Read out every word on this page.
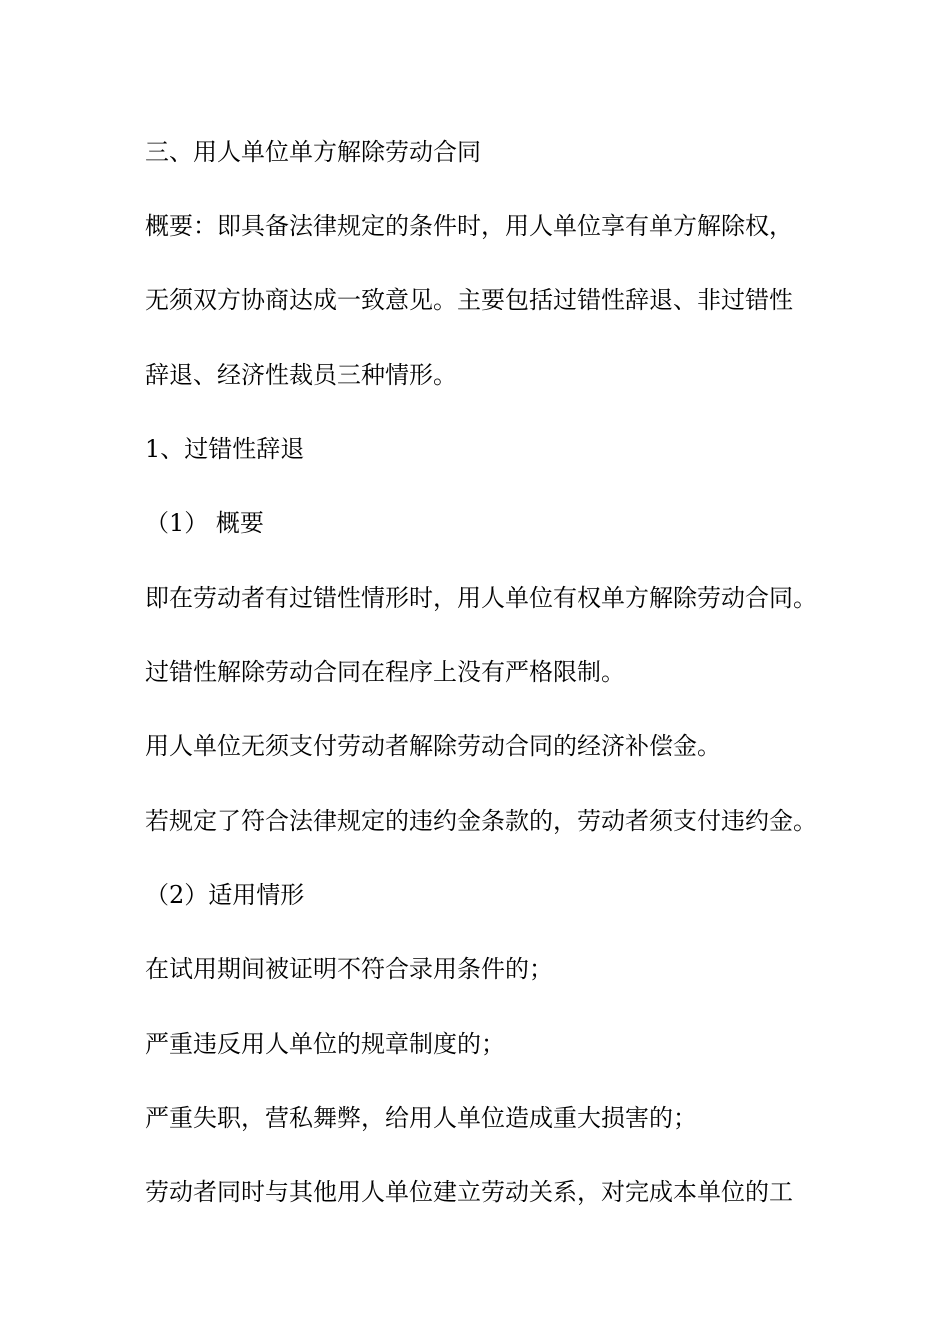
三、用人单位单方解除劳动合同

概要：即具备法律规定的条件时，用人单位享有单方解除权，

无须双方协商达成一致意见。主要包括过错性辞退、非过错性

辞退、经济性裁员三种情形。

1、过错性辞退

（1） 概要

即在劳动者有过错性情形时，用人单位有权单方解除劳动合同。

过错性解除劳动合同在程序上没有严格限制。

用人单位无须支付劳动者解除劳动合同的经济补偿金。

若规定了符合法律规定的违约金条款的，劳动者须支付违约金。

（2）适用情形

在试用期间被证明不符合录用条件的；

严重违反用人单位的规章制度的；

严重失职，营私舞弊，给用人单位造成重大损害的；

劳动者同时与其他用人单位建立劳动关系，对完成本单位的工
